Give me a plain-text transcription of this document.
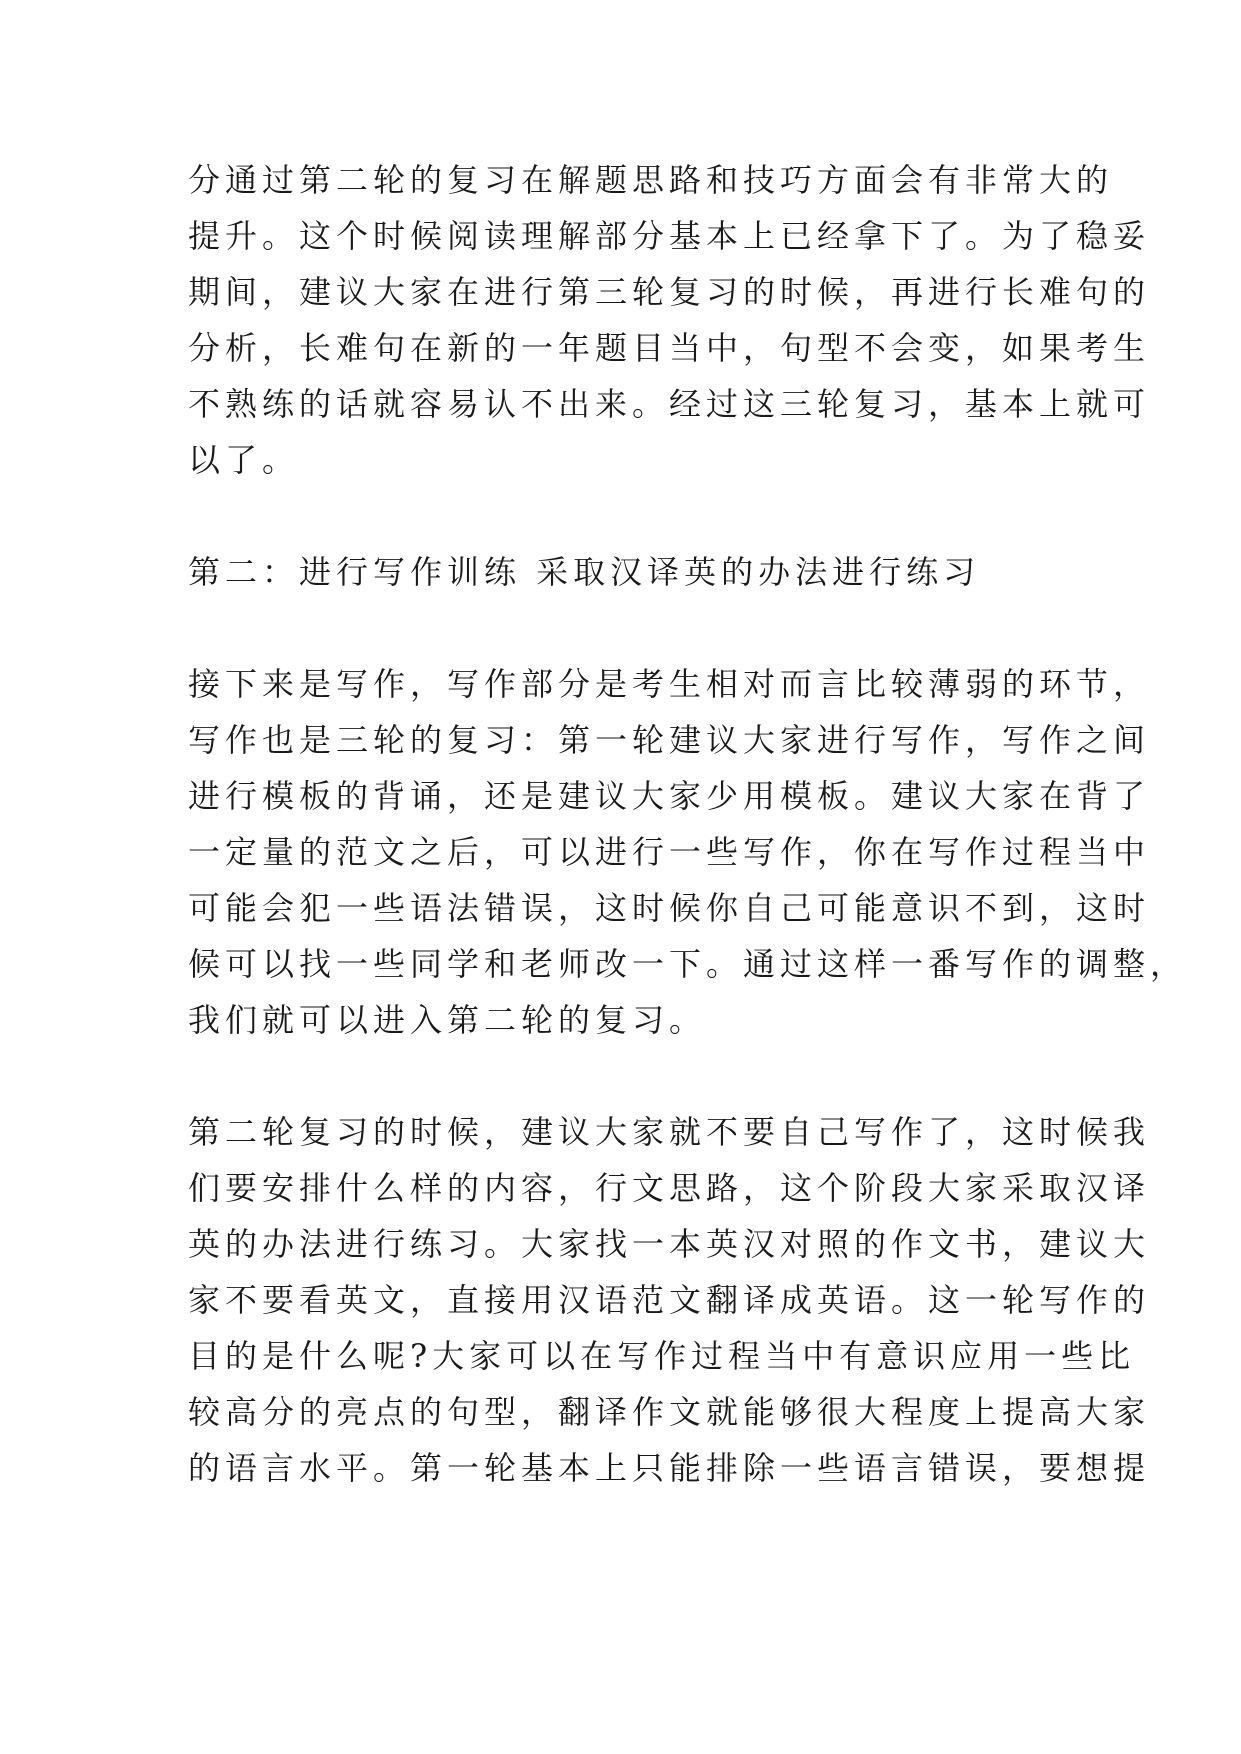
分通过第二轮的复习在解题思路和技巧方面会有非常大的
提升。这个时候阅读理解部分基本上已经拿下了。为了稳妥
期间，建议大家在进行第三轮复习的时候，再进行长难句的
分析，长难句在新的一年题目当中，句型不会变，如果考生
不熟练的话就容易认不出来。经过这三轮复习，基本上就可
以了。
第二：进行写作训练 采取汉译英的办法进行练习
接下来是写作，写作部分是考生相对而言比较薄弱的环节，
写作也是三轮的复习：第一轮建议大家进行写作，写作之间
进行模板的背诵，还是建议大家少用模板。建议大家在背了
一定量的范文之后，可以进行一些写作，你在写作过程当中
可能会犯一些语法错误，这时候你自己可能意识不到，这时
候可以找一些同学和老师改一下。通过这样一番写作的调整，
我们就可以进入第二轮的复习。
第二轮复习的时候，建议大家就不要自己写作了，这时候我
们要安排什么样的内容，行文思路，这个阶段大家采取汉译
英的办法进行练习。大家找一本英汉对照的作文书，建议大
家不要看英文，直接用汉语范文翻译成英语。这一轮写作的
目的是什么呢?大家可以在写作过程当中有意识应用一些比
较高分的亮点的句型，翻译作文就能够很大程度上提高大家
的语言水平。第一轮基本上只能排除一些语言错误，要想提
